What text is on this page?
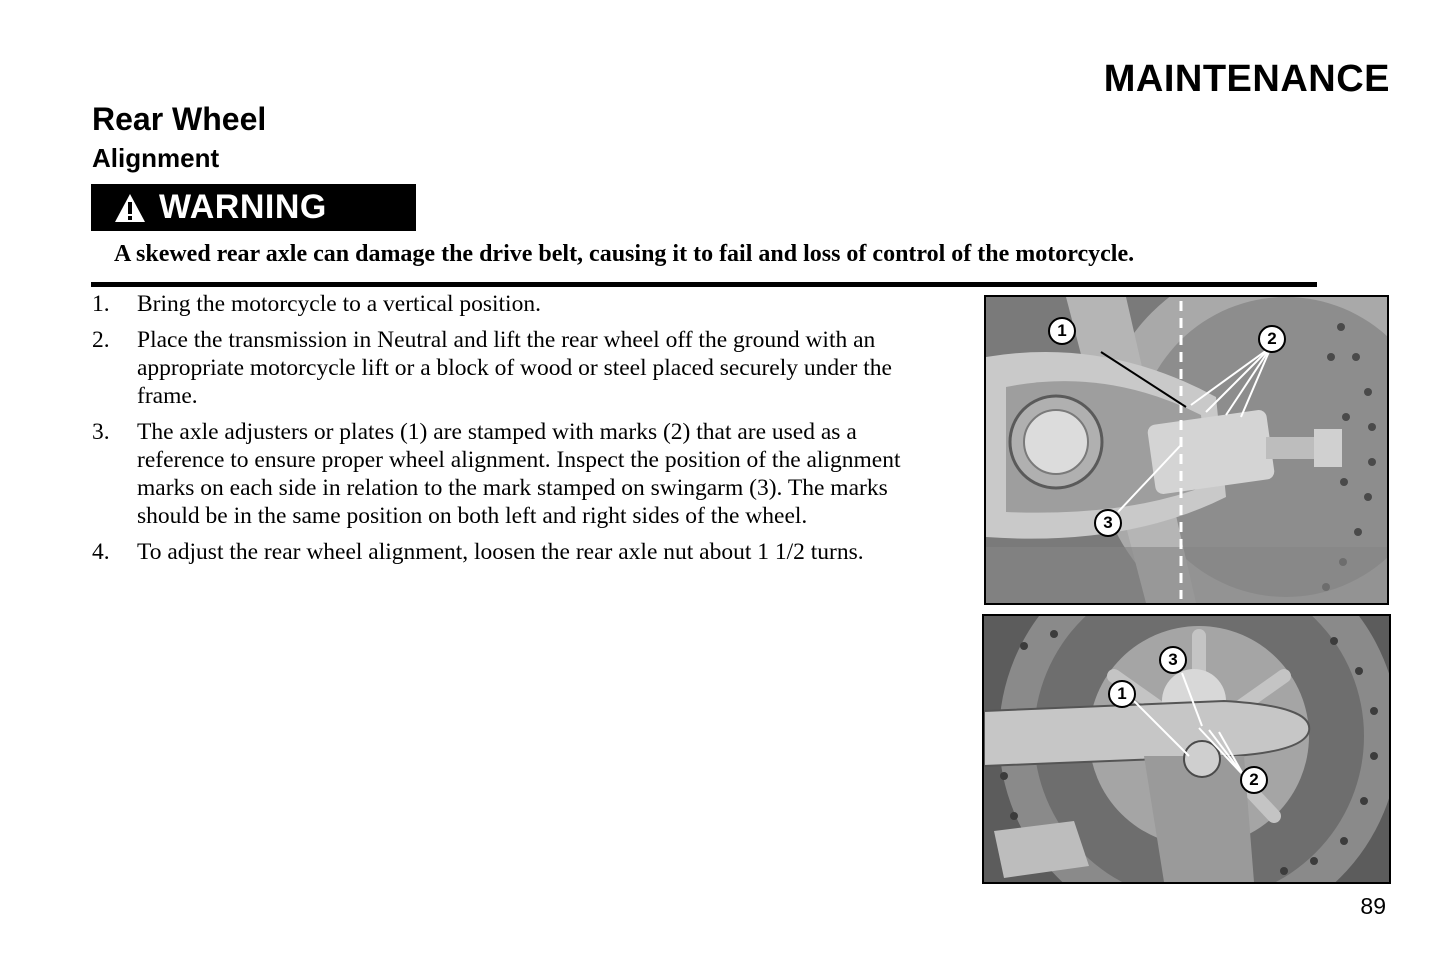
MAINTENANCE
Rear Wheel
Alignment
WARNING
A skewed rear axle can damage the drive belt, causing it to fail and loss of control of the motorcycle.
1.	Bring the motorcycle to a vertical position.
2.	Place the transmission in Neutral and lift the rear wheel off the ground with an appropriate motorcycle lift or a block of wood or steel placed securely under the frame.
3.	The axle adjusters or plates (1) are stamped with marks (2) that are used as a reference to ensure proper wheel alignment. Inspect the position of the alignment marks on each side in relation to the mark stamped on swingarm (3). The marks should be in the same position on both left and right sides of the wheel.
4.	To adjust the rear wheel alignment, loosen the rear axle nut about 1 1/2 turns.
1	2
3
3
1
2
89
